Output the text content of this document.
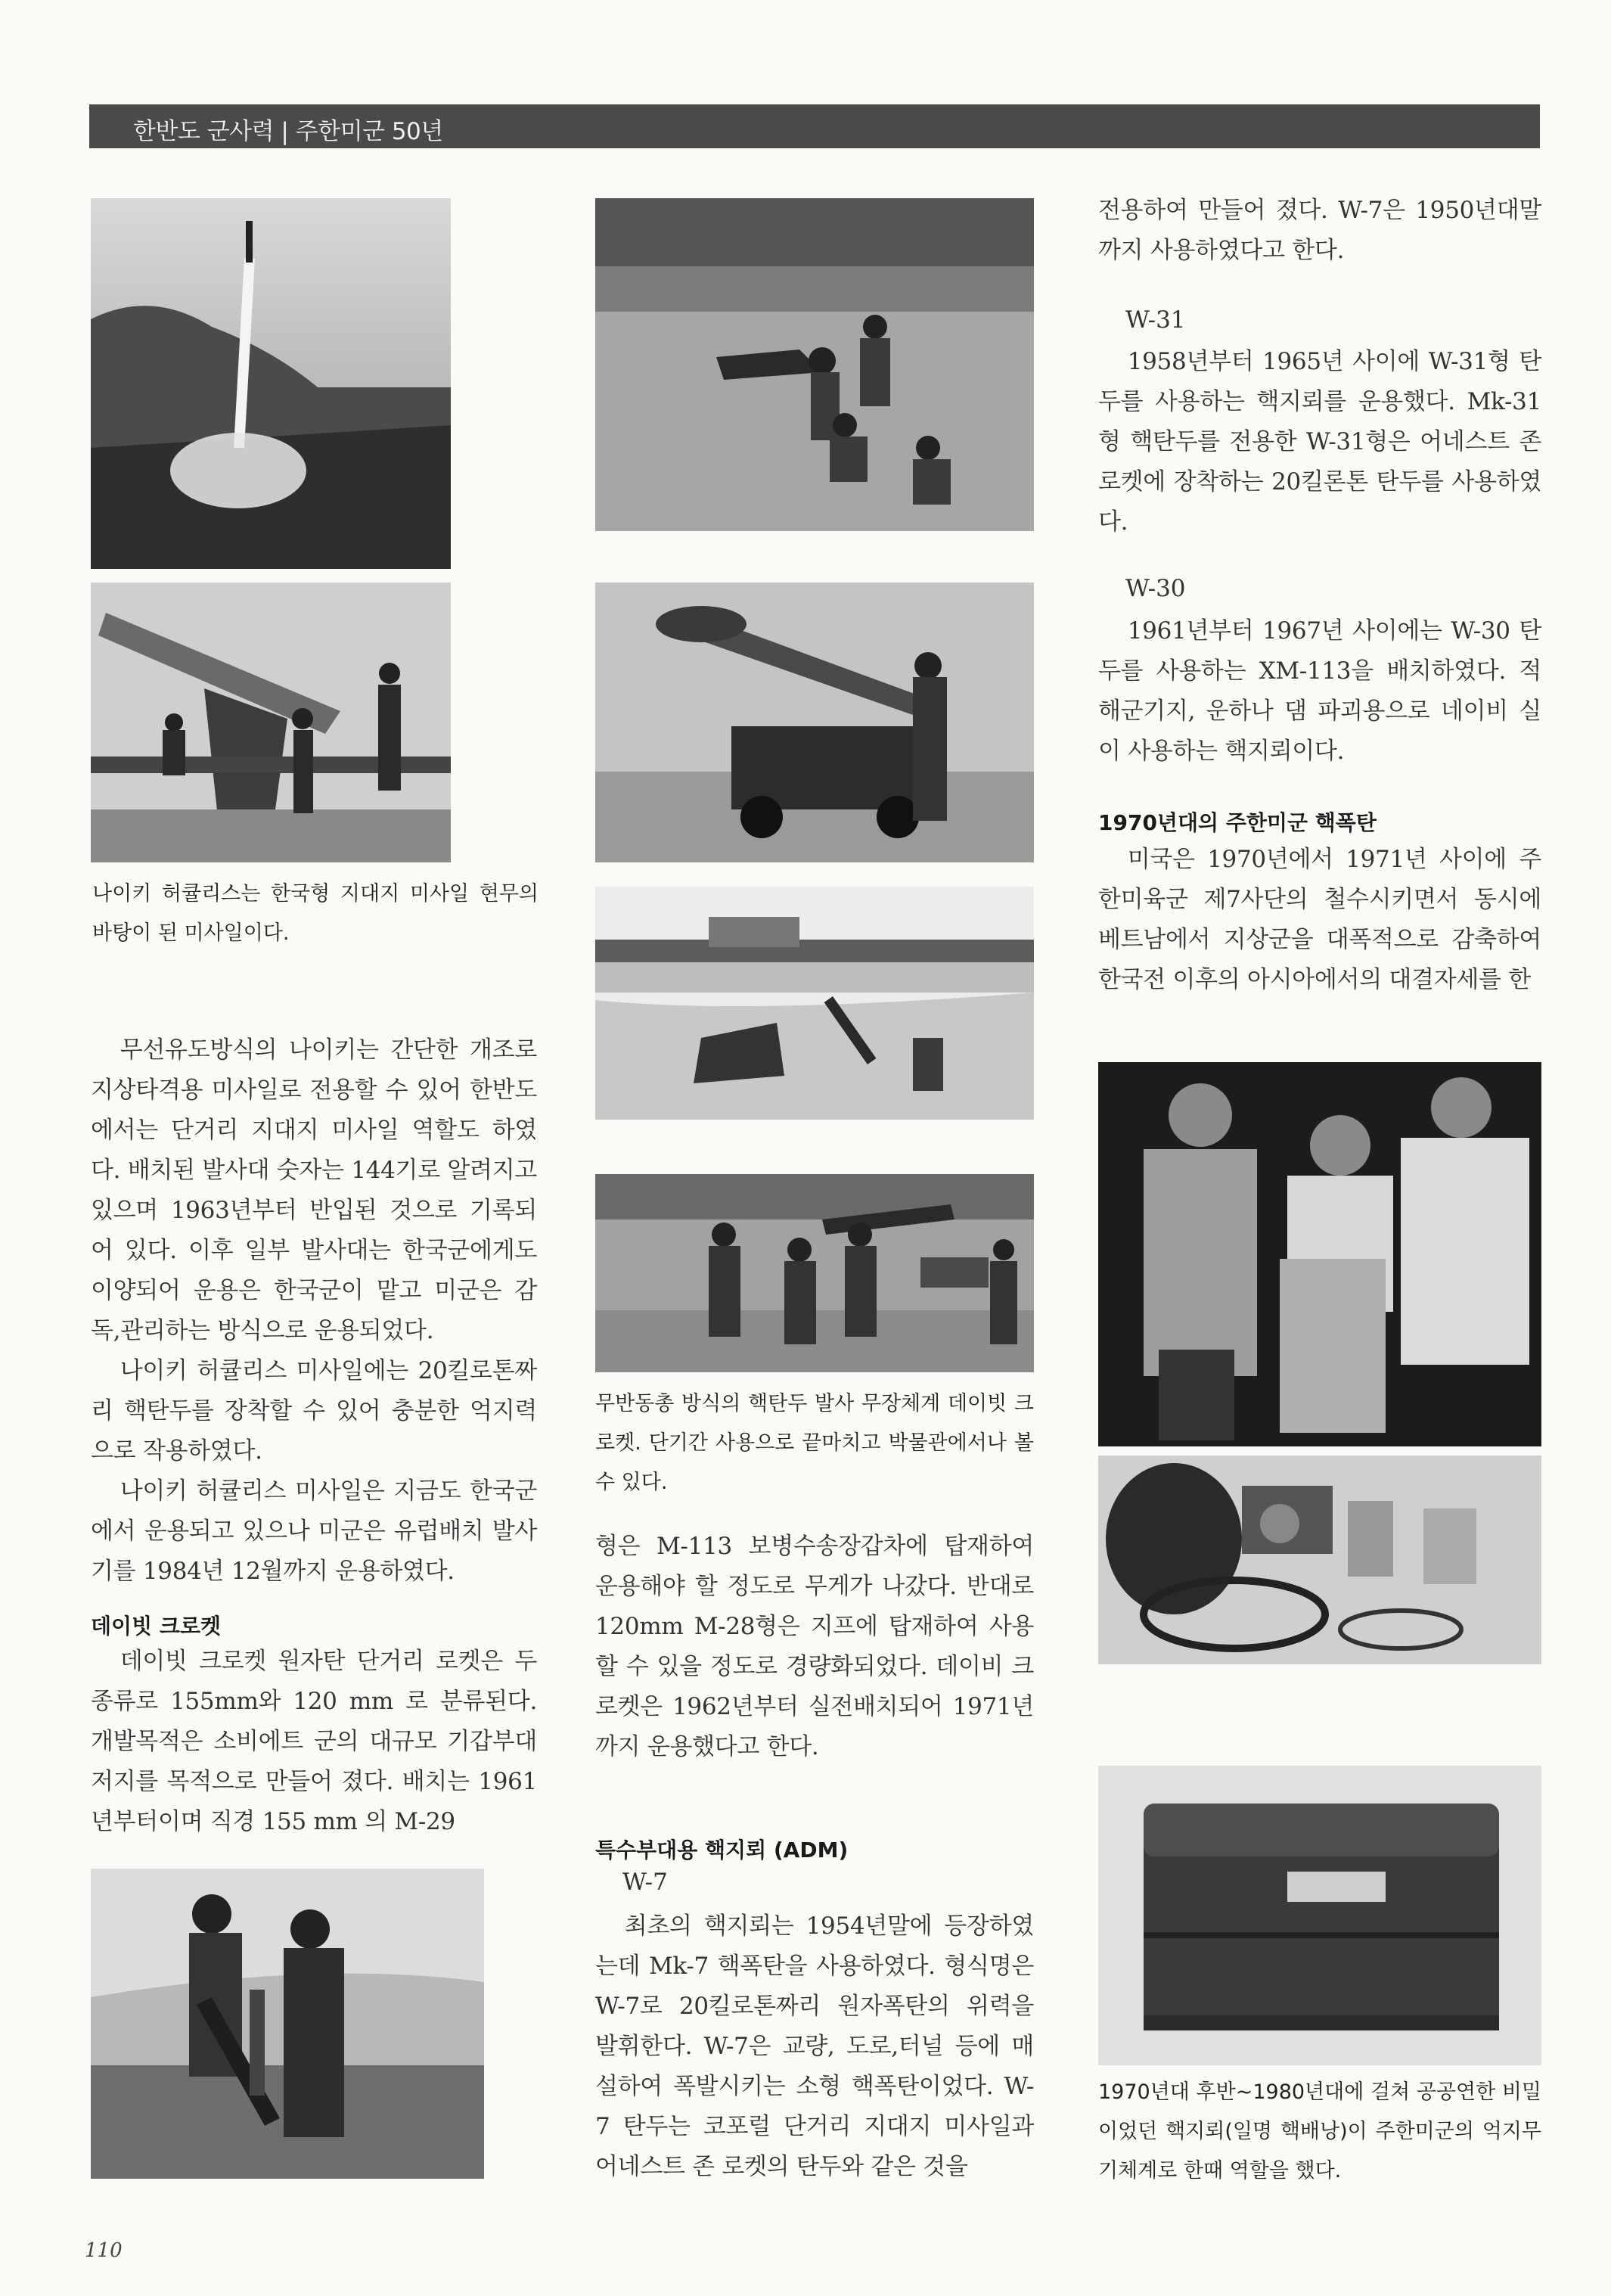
한반도 군사력 | 주한미군 50년
나이키 허큘리스는 한국형 지대지 미사일 현무의 바탕이 된 미사일이다.

무선유도방식의 나이키는 간단한 개조로 지상타격용 미사일로 전용할 수 있어 한반도에서는 단거리 지대지 미사일 역할도 하였다. 배치된 발사대 숫자는 144기로 알려지고 있으며 1963년부터 반입된 것으로 기록되어 있다. 이후 일부 발사대는 한국군에게도 이양되어 운용은 한국군이 맡고 미군은 감독,관리하는 방식으로 운용되었다.

나이키 허큘리스 미사일에는 20킬로톤짜리 핵탄두를 장착할 수 있어 충분한 억지력으로 작용하였다.

나이키 허큘리스 미사일은 지금도 한국군에서 운용되고 있으나 미군은 유럽배치 발사기를 1984년 12월까지 운용하였다.

데이빗 크로켓

데이빗 크로켓 원자탄 단거리 로켓은 두 종류로 155mm와 120 mm 로 분류된다. 개발목적은 소비에트 군의 대규모 기갑부대 저지를 목적으로 만들어 졌다. 배치는 1961년부터이며 직경 155 mm 의 M-29

무반동총 방식의 핵탄두 발사 무장체계 데이빗 크로켓. 단기간 사용으로 끝마치고 박물관에서나 볼 수 있다.

형은 M-113 보병수송장갑차에 탑재하여 운용해야 할 정도로 무게가 나갔다. 반대로 120mm M-28형은 지프에 탑재하여 사용할 수 있을 정도로 경량화되었다. 데이비 크로켓은 1962년부터 실전배치되어 1971년까지 운용했다고 한다.

특수부대용 핵지뢰 (ADM)
W-7

최초의 핵지뢰는 1954년말에 등장하였는데 Mk-7 핵폭탄을 사용하였다. 형식명은 W-7로 20킬로톤짜리 원자폭탄의 위력을 발휘한다. W-7은 교량, 도로,터널 등에 매설하여 폭발시키는 소형 핵폭탄이었다. W-7 탄두는 코포럴 단거리 지대지 미사일과 어네스트 존 로켓의 탄두와 같은 것을

전용하여 만들어 졌다. W-7은 1950년대말까지 사용하였다고 한다.

W-31

1958년부터 1965년 사이에 W-31형 탄두를 사용하는 핵지뢰를 운용했다. Mk-31형 핵탄두를 전용한 W-31형은 어네스트 존 로켓에 장착하는 20킬론톤 탄두를 사용하였다.

W-30

1961년부터 1967년 사이에는 W-30 탄두를 사용하는 XM-113을 배치하였다. 적 해군기지, 운하나 댐 파괴용으로 네이비 실이 사용하는 핵지뢰이다.

1970년대의 주한미군 핵폭탄

미국은 1970년에서 1971년 사이에 주한미육군 제7사단의 철수시키면서 동시에 베트남에서 지상군을 대폭적으로 감축하여 한국전 이후의 아시아에서의 대결자세를 한

1970년대 후반~1980년대에 걸쳐 공공연한 비밀이었던 핵지뢰(일명 핵배낭)이 주한미군의 억지무기체계로 한때 역할을 했다.
110
